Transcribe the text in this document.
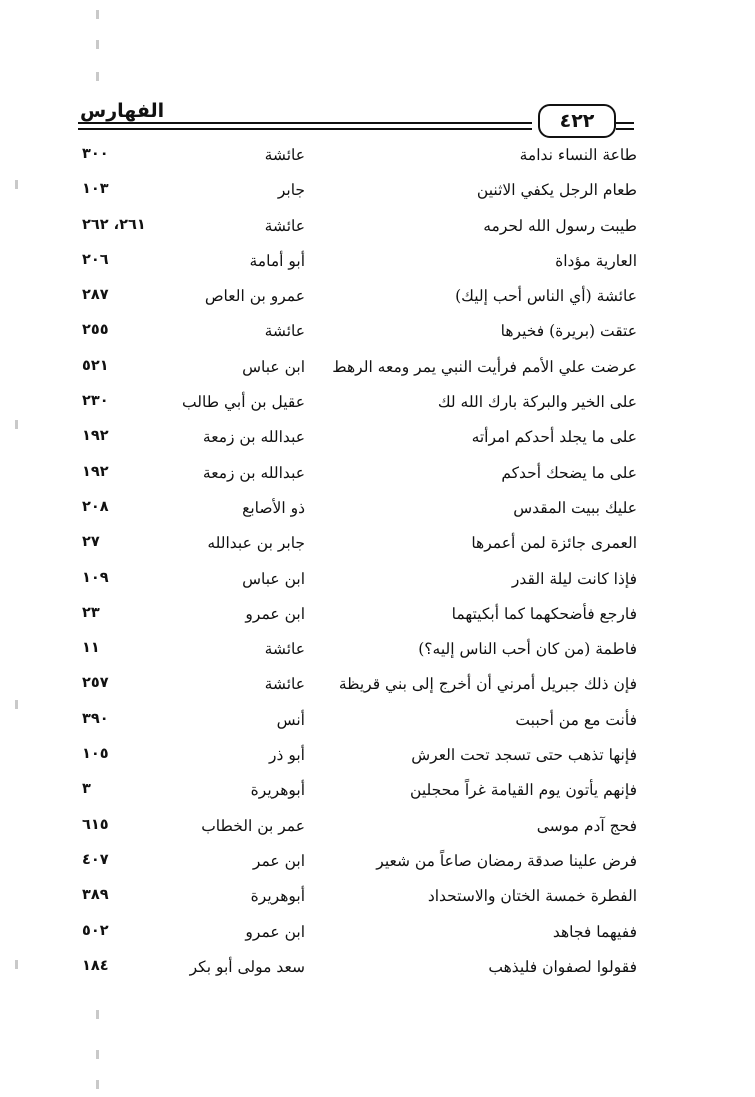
الفهارس	٤٢٢
طاعة النساء ندامة
عائشة
٣٠٠
طعام الرجل يكفي الاثنين
جابر
١٠٣
طيبت رسول الله لحرمه
عائشة
٢٦١، ٢٦٢
العارية مؤداة
أبو أمامة
٢٠٦
عائشة (أي الناس أحب إليك)
عمرو بن العاص
٢٨٧
عتقت (بريرة) فخيرها
عائشة
٢٥٥
عرضت علي الأمم فرأيت النبي يمر ومعه الرهط
ابن عباس
٥٢١
على الخير والبركة بارك الله لك
عقيل بن أبي طالب
٢٣٠
على ما يجلد أحدكم امرأته
عبدالله بن زمعة
١٩٢
على ما يضحك أحدكم
عبدالله بن زمعة
١٩٢
عليك ببيت المقدس
ذو الأصابع
٢٠٨
العمرى جائزة لمن أعمرها
جابر بن عبدالله
٢٧
فإذا كانت ليلة القدر
ابن عباس
١٠٩
فارجع فأضحكهما كما أبكيتهما
ابن عمرو
٢٣
فاطمة (من كان أحب الناس إليه؟)
عائشة
١١
فإن ذلك جبريل أمرني أن أخرج إلى بني قريظة
عائشة
٢٥٧
فأنت مع من أحببت
أنس
٣٩٠
فإنها تذهب حتى تسجد تحت العرش
أبو ذر
١٠٥
فإنهم يأتون يوم القيامة غراً محجلين
أبوهريرة
٣
فحج آدم موسى
عمر بن الخطاب
٦١٥
فرض علينا صدقة رمضان صاعاً من شعير
ابن عمر
٤٠٧
الفطرة خمسة الختان والاستحداد
أبوهريرة
٣٨٩
ففيهما فجاهد
ابن عمرو
٥٠٢
فقولوا لصفوان فليذهب
سعد مولى أبو بكر
١٨٤
